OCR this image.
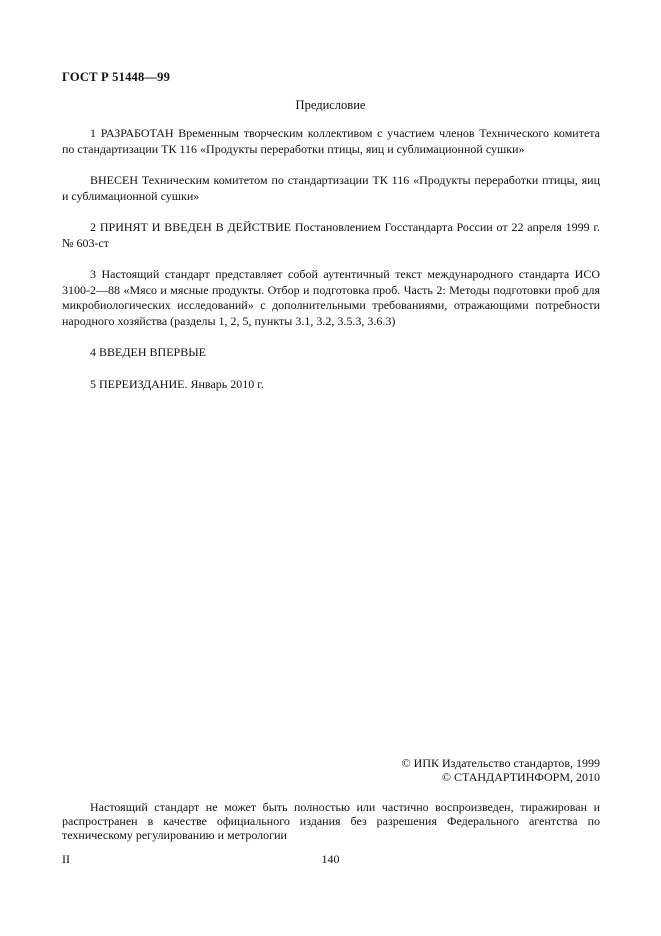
ГОСТ Р 51448—99
Предисловие

1 РАЗРАБОТАН Временным творческим коллективом с участием членов Технического комитета по стандартизации ТК 116 «Продукты переработки птицы, яиц и сублимационной сушки»

ВНЕСЕН Техническим комитетом по стандартизации ТК 116 «Продукты переработки птицы, яиц и сублимационной сушки»

2 ПРИНЯТ И ВВЕДЕН В ДЕЙСТВИЕ Постановлением Госстандарта России от 22 апреля 1999 г. № 603-ст

3 Настоящий стандарт представляет собой аутентичный текст международного стандарта ИСО 3100-2—88 «Мясо и мясные продукты. Отбор и подготовка проб. Часть 2: Методы подготовки проб для микробиологических исследований» с дополнительными требованиями, отражающими потребности народного хозяйства (разделы 1, 2, 5, пункты 3.1, 3.2, 3.5.3, 3.6.3)

4 ВВЕДЕН ВПЕРВЫЕ

5 ПЕРЕИЗДАНИЕ. Январь 2010 г.

© ИПК Издательство стандартов, 1999
© СТАНДАРТИНФОРМ, 2010

Настоящий стандарт не может быть полностью или частично воспроизведен, тиражирован и распространен в качестве официального издания без разрешения Федерального агентства по техническому регулированию и метрологии

II	140
